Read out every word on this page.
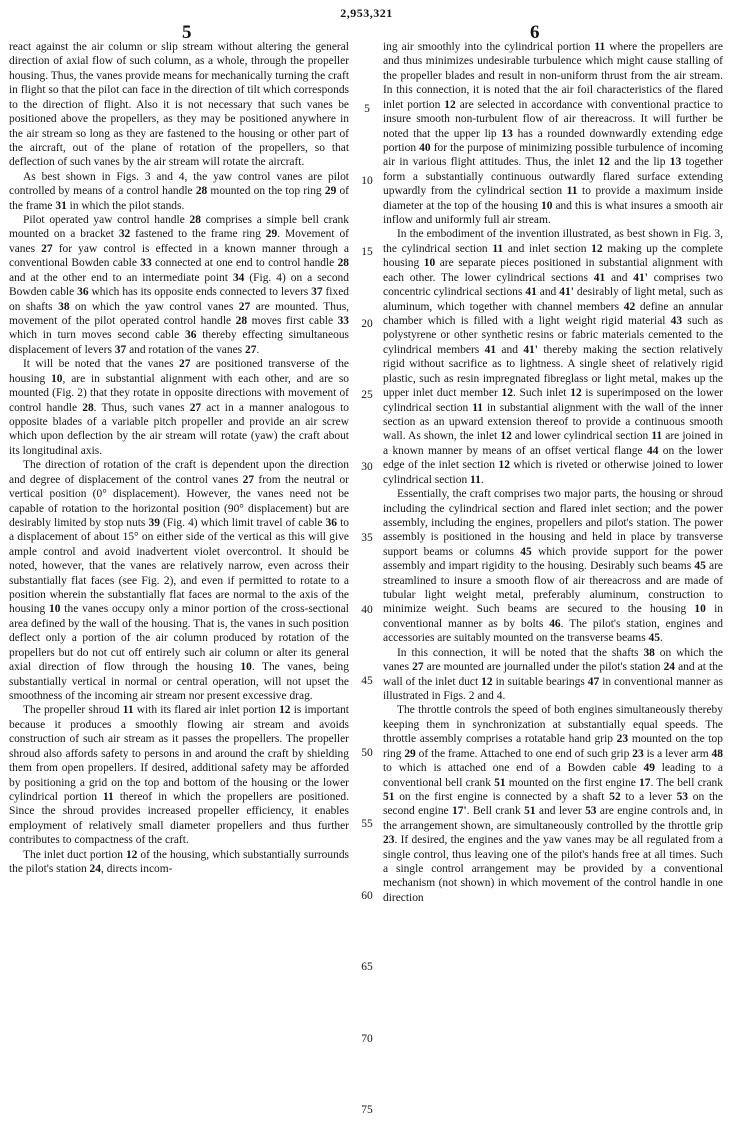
2,953,321
5	6

react against the air column or slip stream without altering the general direction of axial flow of such column, as a whole, through the propeller housing. Thus, the vanes provide means for mechanically turning the craft in flight so that the pilot can face in the direction of tilt which corresponds to the direction of flight. Also it is not necessary that such vanes be positioned above the propellers, as they may be positioned anywhere in the air stream so long as they are fastened to the housing or other part of the aircraft, out of the plane of rotation of the propellers, so that deflection of such vanes by the air stream will rotate the aircraft.

As best shown in Figs. 3 and 4, the yaw control vanes are pilot controlled by means of a control handle 28 mounted on the top ring 29 of the frame 31 in which the pilot stands.

Pilot operated yaw control handle 28 comprises a simple bell crank mounted on a bracket 32 fastened to the frame ring 29. Movement of vanes 27 for yaw control is effected in a known manner through a conventional Bowden cable 33 connected at one end to control handle 28 and at the other end to an intermediate point 34 (Fig. 4) on a second Bowden cable 36 which has its opposite ends connected to levers 37 fixed on shafts 38 on which the yaw control vanes 27 are mounted. Thus, movement of the pilot operated control handle 28 moves first cable 33 which in turn moves second cable 36 thereby effecting simultaneous displacement of levers 37 and rotation of the vanes 27.

It will be noted that the vanes 27 are positioned transverse of the housing 10, are in substantial alignment with each other, and are so mounted (Fig. 2) that they rotate in opposite directions with movement of control handle 28. Thus, such vanes 27 act in a manner analogous to opposite blades of a variable pitch propeller and provide an air screw which upon deflection by the air stream will rotate (yaw) the craft about its longitudinal axis.

The direction of rotation of the craft is dependent upon the direction and degree of displacement of the control vanes 27 from the neutral or vertical position (0° displacement). However, the vanes need not be capable of rotation to the horizontal position (90° displacement) but are desirably limited by stop nuts 39 (Fig. 4) which limit travel of cable 36 to a displacement of about 15° on either side of the vertical as this will give ample control and avoid inadvertent violet overcontrol. It should be noted, however, that the vanes are relatively narrow, even across their substantially flat faces (see Fig. 2), and even if permitted to rotate to a position wherein the substantially flat faces are normal to the axis of the housing 10 the vanes occupy only a minor portion of the cross-sectional area defined by the wall of the housing. That is, the vanes in such position deflect only a portion of the air column produced by rotation of the propellers but do not cut off entirely such air column or alter its general axial direction of flow through the housing 10. The vanes, being substantially vertical in normal or central operation, will not upset the smoothness of the incoming air stream nor present excessive drag.

The propeller shroud 11 with its flared air inlet portion 12 is important because it produces a smoothly flowing air stream and avoids construction of such air stream as it passes the propellers. The propeller shroud also affords safety to persons in and around the craft by shielding them from open propellers. If desired, additional safety may be afforded by positioning a grid on the top and bottom of the housing or the lower cylindrical portion 11 thereof in which the propellers are positioned. Since the shroud provides increased propeller efficiency, it enables employment of relatively small diameter propellers and thus further contributes to compactness of the craft.

The inlet duct portion 12 of the housing, which substantially surrounds the pilot's station 24, directs incom-

ing air smoothly into the cylindrical portion 11 where the propellers are and thus minimizes undesirable turbulence which might cause stalling of the propeller blades and result in non-uniform thrust from the air stream. In this connection, it is noted that the air foil characteristics of the flared inlet portion 12 are selected in accordance with conventional practice to insure smooth non-turbulent flow of air thereacross. It will further be noted that the upper lip 13 has a rounded downwardly extending edge portion 40 for the purpose of minimizing possible turbulence of incoming air in various flight attitudes. Thus, the inlet 12 and the lip 13 together form a substantially continuous outwardly flared surface extending upwardly from the cylindrical section 11 to provide a maximum inside diameter at the top of the housing 10 and this is what insures a smooth air inflow and uniformly full air stream.

In the embodiment of the invention illustrated, as best shown in Fig. 3, the cylindrical section 11 and inlet section 12 making up the complete housing 10 are separate pieces positioned in substantial alignment with each other. The lower cylindrical sections 41 and 41' comprises two concentric cylindrical sections 41 and 41' desirably of light metal, such as aluminum, which together with channel members 42 define an annular chamber which is filled with a light weight rigid material 43 such as polystyrene or other synthetic resins or fabric materials cemented to the cylindrical members 41 and 41' thereby making the section relatively rigid without sacrifice as to lightness. A single sheet of relatively rigid plastic, such as resin impregnated fibreglass or light metal, makes up the upper inlet duct member 12. Such inlet 12 is superimposed on the lower cylindrical section 11 in substantial alignment with the wall of the inner section as an upward extension thereof to provide a continuous smooth wall. As shown, the inlet 12 and lower cylindrical section 11 are joined in a known manner by means of an offset vertical flange 44 on the lower edge of the inlet section 12 which is riveted or otherwise joined to lower cylindrical section 11.

Essentially, the craft comprises two major parts, the housing or shroud including the cylindrical section and flared inlet section; and the power assembly, including the engines, propellers and pilot's station. The power assembly is positioned in the housing and held in place by transverse support beams or columns 45 which provide support for the power assembly and impart rigidity to the housing. Desirably such beams 45 are streamlined to insure a smooth flow of air thereacross and are made of tubular light weight metal, preferably aluminum, construction to minimize weight. Such beams are secured to the housing 10 in conventional manner as by bolts 46. The pilot's station, engines and accessories are suitably mounted on the transverse beams 45.

In this connection, it will be noted that the shafts 38 on which the vanes 27 are mounted are journalled under the pilot's station 24 and at the wall of the inlet duct 12 in suitable bearings 47 in conventional manner as illustrated in Figs. 2 and 4.

The throttle controls the speed of both engines simultaneously thereby keeping them in synchronization at substantially equal speeds. The throttle assembly comprises a rotatable hand grip 23 mounted on the top ring 29 of the frame. Attached to one end of such grip 23 is a lever arm 48 to which is attached one end of a Bowden cable 49 leading to a conventional bell crank 51 mounted on the first engine 17. The bell crank 51 on the first engine is connected by a shaft 52 to a lever 53 on the second engine 17'. Bell crank 51 and lever 53 are engine controls and, in the arrangement shown, are simultaneously controlled by the throttle grip 23. If desired, the engines and the yaw vanes may be all regulated from a single control, thus leaving one of the pilot's hands free at all times. Such a single control arrangement may be provided by a conventional mechanism (not shown) in which movement of the control handle in one direction

5
10
15
20
25
30
35
40
45
50
55
60
65
70
75
